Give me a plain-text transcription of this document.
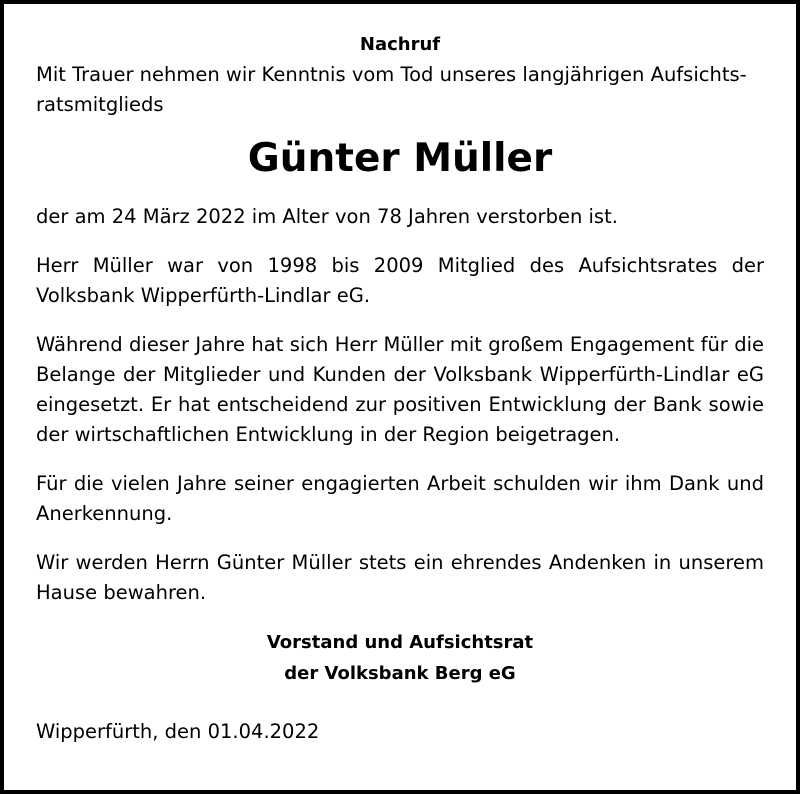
Nachruf

Mit Trauer nehmen wir Kenntnis vom Tod unseres langjährigen Aufsichts-
ratsmitglieds

Günter Müller

der am 24 März 2022 im Alter von 78 Jahren verstorben ist.

Herr Müller war von 1998 bis 2009 Mitglied des Aufsichtsrates der Volksbank Wipperfürth-Lindlar eG.

Während dieser Jahre hat sich Herr Müller mit großem Engagement für die Belange der Mitglieder und Kunden der Volksbank Wipperfürth-Lindlar eG eingesetzt. Er hat entscheidend zur positiven Entwicklung der Bank sowie der wirtschaftlichen Entwicklung in der Region beigetragen.

Für die vielen Jahre seiner engagierten Arbeit schulden wir ihm Dank und Anerkennung.

Wir werden Herrn Günter Müller stets ein ehrendes Andenken in unserem Hause bewahren.

Vorstand und Aufsichtsrat

der Volksbank Berg eG

Wipperfürth, den 01.04.2022
